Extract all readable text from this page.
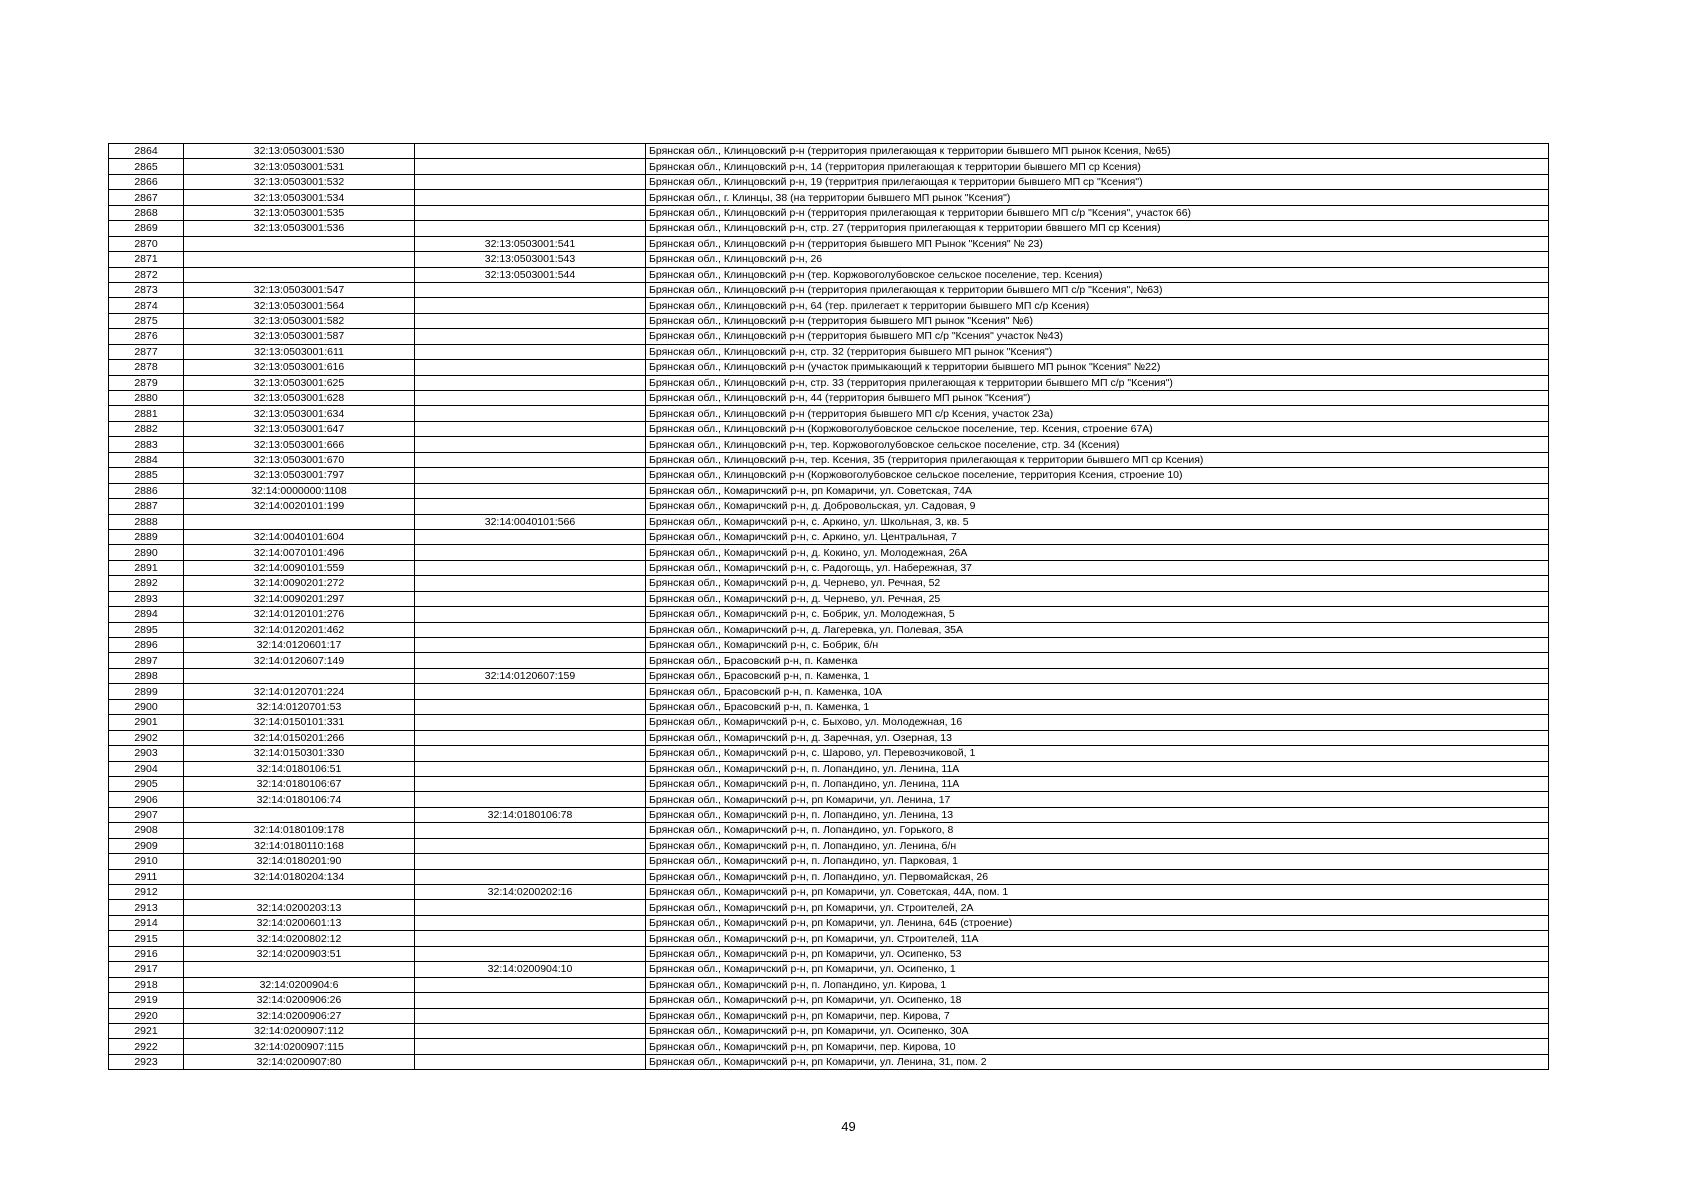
2864	32:13:0503001:530		Брянская обл., Клинцовский р-н (территория прилегающая к территории бывшего МП рынок Ксения, №65)
2865	32:13:0503001:531		Брянская обл., Клинцовский р-н, 14 (территория прилегающая к территории бывшего МП ср Ксения)
2866	32:13:0503001:532		Брянская обл., Клинцовский р-н, 19 (территрия прилегающая к территории бывшего МП ср "Ксения")
2867	32:13:0503001:534		Брянская обл., г. Клинцы, 38 (на территории бывшего МП рынок "Ксения")
2868	32:13:0503001:535		Брянская обл., Клинцовский р-н (территория прилегающая к территории бывшего МП с/р "Ксения", участок 66)
2869	32:13:0503001:536		Брянская обл., Клинцовский р-н, стр. 27 (территория прилегающая к территории бввшего МП ср Ксения)
2870		32:13:0503001:541	Брянская обл., Клинцовский р-н (территория бывшего МП Рынок "Ксения" № 23)
2871		32:13:0503001:543	Брянская обл., Клинцовский р-н, 26
2872		32:13:0503001:544	Брянская обл., Клинцовский р-н (тер. Коржовоголубовское сельское поселение, тер. Ксения)
2873	32:13:0503001:547		Брянская обл., Клинцовский р-н (территория прилегающая к территории бывшего МП с/р "Ксения", №63)
2874	32:13:0503001:564		Брянская обл., Клинцовский р-н, 64 (тер. прилегает к территории бывшего МП с/р Ксения)
2875	32:13:0503001:582		Брянская обл., Клинцовский р-н (территория бывшего МП рынок "Ксения" №6)
2876	32:13:0503001:587		Брянская обл., Клинцовский р-н (территория бывшего МП с/р "Ксения" участок №43)
2877	32:13:0503001:611		Брянская обл., Клинцовский р-н, стр. 32 (территория бывшего МП рынок "Ксения")
2878	32:13:0503001:616		Брянская обл., Клинцовский р-н (участок примыкающий к территории бывшего МП рынок "Ксения" №22)
2879	32:13:0503001:625		Брянская обл., Клинцовский р-н, стр. 33 (территория прилегающая к территории бывшего МП с/р "Ксения")
2880	32:13:0503001:628		Брянская обл., Клинцовский р-н, 44 (территория бывшего МП рынок "Ксения")
2881	32:13:0503001:634		Брянская обл., Клинцовский р-н (территория бывшего МП с/р Ксения, участок 23а)
2882	32:13:0503001:647		Брянская обл., Клинцовский р-н (Коржовоголубовское сельское поселение, тер. Ксения, строение 67А)
2883	32:13:0503001:666		Брянская обл., Клинцовский р-н, тер. Коржовоголубовское сельское поселение, стр. 34 (Ксения)
2884	32:13:0503001:670		Брянская обл., Клинцовский р-н, тер. Ксения, 35 (территория прилегающая к территории бывшего МП ср Ксения)
2885	32:13:0503001:797		Брянская обл., Клинцовский р-н (Коржовоголубовское сельское поселение, территория Ксения, строение 10)
2886	32:14:0000000:1108		Брянская обл., Комаричский р-н, рп Комаричи, ул. Советская, 74А
2887	32:14:0020101:199		Брянская обл., Комаричский р-н, д. Добровольская, ул. Садовая, 9
2888		32:14:0040101:566	Брянская обл., Комаричский р-н, с. Аркино, ул. Школьная, 3, кв. 5
2889	32:14:0040101:604		Брянская обл., Комаричский р-н, с. Аркино, ул. Центральная, 7
2890	32:14:0070101:496		Брянская обл., Комаричский р-н, д. Кокино, ул. Молодежная, 26А
2891	32:14:0090101:559		Брянская обл., Комаричский р-н, с. Радогощь, ул. Набережная, 37
2892	32:14:0090201:272		Брянская обл., Комаричский р-н, д. Чернево, ул. Речная, 52
2893	32:14:0090201:297		Брянская обл., Комаричский р-н, д. Чернево, ул. Речная, 25
2894	32:14:0120101:276		Брянская обл., Комаричский р-н, с. Бобрик, ул. Молодежная, 5
2895	32:14:0120201:462		Брянская обл., Комаричский р-н, д. Лагеревка, ул. Полевая, 35А
2896	32:14:0120601:17		Брянская обл., Комаричский р-н, с. Бобрик, б/н
2897	32:14:0120607:149		Брянская обл., Брасовский р-н, п. Каменка
2898		32:14:0120607:159	Брянская обл., Брасовский р-н, п. Каменка, 1
2899	32:14:0120701:224		Брянская обл., Брасовский р-н, п. Каменка, 10А
2900	32:14:0120701:53		Брянская обл., Брасовский р-н, п. Каменка, 1
2901	32:14:0150101:331		Брянская обл., Комаричский р-н, с. Быхово, ул. Молодежная, 16
2902	32:14:0150201:266		Брянская обл., Комаричский р-н, д. Заречная, ул. Озерная, 13
2903	32:14:0150301:330		Брянская обл., Комаричский р-н, с. Шарово, ул. Перевозчиковой, 1
2904	32:14:0180106:51		Брянская обл., Комаричский р-н, п. Лопандино, ул. Ленина, 11А
2905	32:14:0180106:67		Брянская обл., Комаричский р-н, п. Лопандино, ул. Ленина, 11А
2906	32:14:0180106:74		Брянская обл., Комаричский р-н, рп Комаричи, ул. Ленина, 17
2907		32:14:0180106:78	Брянская обл., Комаричский р-н, п. Лопандино, ул. Ленина, 13
2908	32:14:0180109:178		Брянская обл., Комаричский р-н, п. Лопандино, ул. Горького, 8
2909	32:14:0180110:168		Брянская обл., Комаричский р-н, п. Лопандино, ул. Ленина, б/н
2910	32:14:0180201:90		Брянская обл., Комаричский р-н, п. Лопандино, ул. Парковая, 1
2911	32:14:0180204:134		Брянская обл., Комаричский р-н, п. Лопандино, ул. Первомайская, 26
2912		32:14:0200202:16	Брянская обл., Комаричский р-н, рп Комаричи, ул. Советская, 44А, пом. 1
2913	32:14:0200203:13		Брянская обл., Комаричский р-н, рп Комаричи, ул. Строителей, 2А
2914	32:14:0200601:13		Брянская обл., Комаричский р-н, рп Комаричи, ул. Ленина, 64Б (строение)
2915	32:14:0200802:12		Брянская обл., Комаричский р-н, рп Комаричи, ул. Строителей, 11А
2916	32:14:0200903:51		Брянская обл., Комаричский р-н, рп Комаричи, ул. Осипенко, 53
2917		32:14:0200904:10	Брянская обл., Комаричский р-н, рп Комаричи, ул. Осипенко, 1
2918	32:14:0200904:6		Брянская обл., Комаричский р-н, п. Лопандино, ул. Кирова, 1
2919	32:14:0200906:26		Брянская обл., Комаричский р-н, рп Комаричи, ул. Осипенко, 18
2920	32:14:0200906:27		Брянская обл., Комаричский р-н, рп Комаричи, пер. Кирова, 7
2921	32:14:0200907:112		Брянская обл., Комаричский р-н, рп Комаричи, ул. Осипенко, 30А
2922	32:14:0200907:115		Брянская обл., Комаричский р-н, рп Комаричи, пер. Кирова, 10
2923	32:14:0200907:80		Брянская обл., Комаричский р-н, рп Комаричи, ул. Ленина, 31, пом. 2
49
